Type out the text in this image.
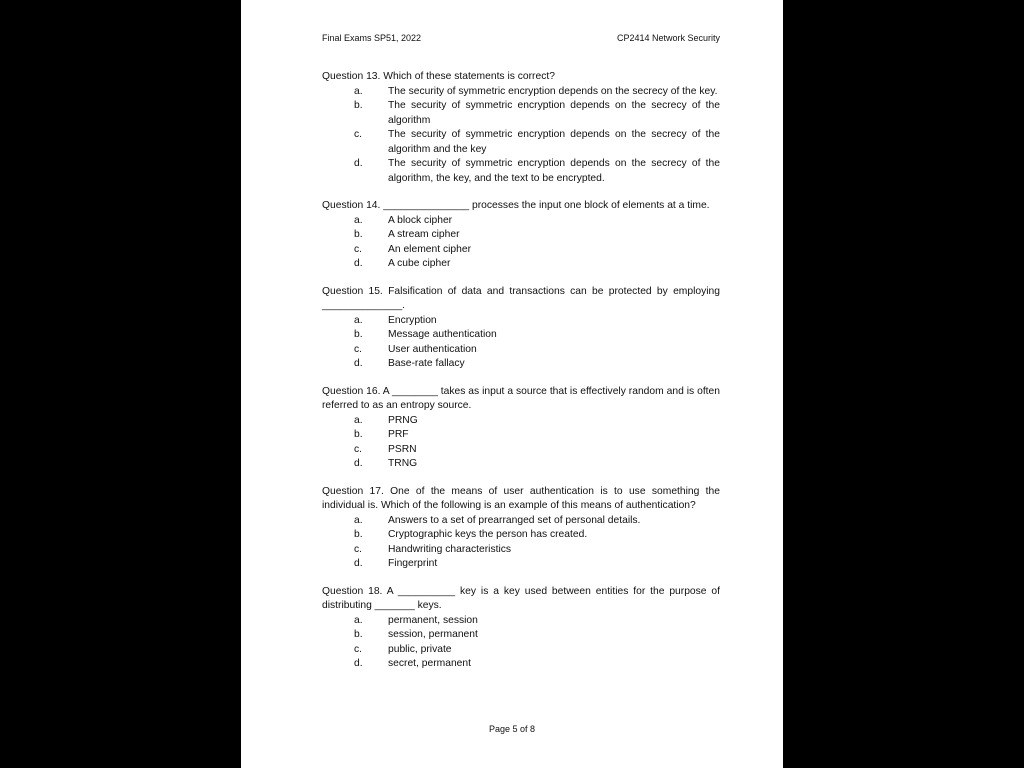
Final Exams SP51, 2022	CP2414 Network Security
Question 13. Which of these statements is correct?
a.	The security of symmetric encryption depends on the secrecy of the key.
b.	The security of symmetric encryption depends on the secrecy of the algorithm
c.	The security of symmetric encryption depends on the secrecy of the algorithm and the key
d.	The security of symmetric encryption depends on the secrecy of the algorithm, the key, and the text to be encrypted.
Question 14. _______________ processes the input one block of elements at a time.
a.	A block cipher
b.	A stream cipher
c.	An element cipher
d.	A cube cipher
Question 15. Falsification of data and transactions can be protected by employing ______________.
a.	Encryption
b.	Message authentication
c.	User authentication
d.	Base-rate fallacy
Question 16. A ________ takes as input a source that is effectively random and is often referred to as an entropy source.
a.	PRNG
b.	PRF
c.	PSRN
d.	TRNG
Question 17. One of the means of user authentication is to use something the individual is. Which of the following is an example of this means of authentication?
a.	Answers to a set of prearranged set of personal details.
b.	Cryptographic keys the person has created.
c.	Handwriting characteristics
d.	Fingerprint
Question 18. A __________ key is a key used between entities for the purpose of distributing _______ keys.
a.	permanent, session
b.	session, permanent
c.	public, private
d.	secret, permanent
Page 5 of 8
